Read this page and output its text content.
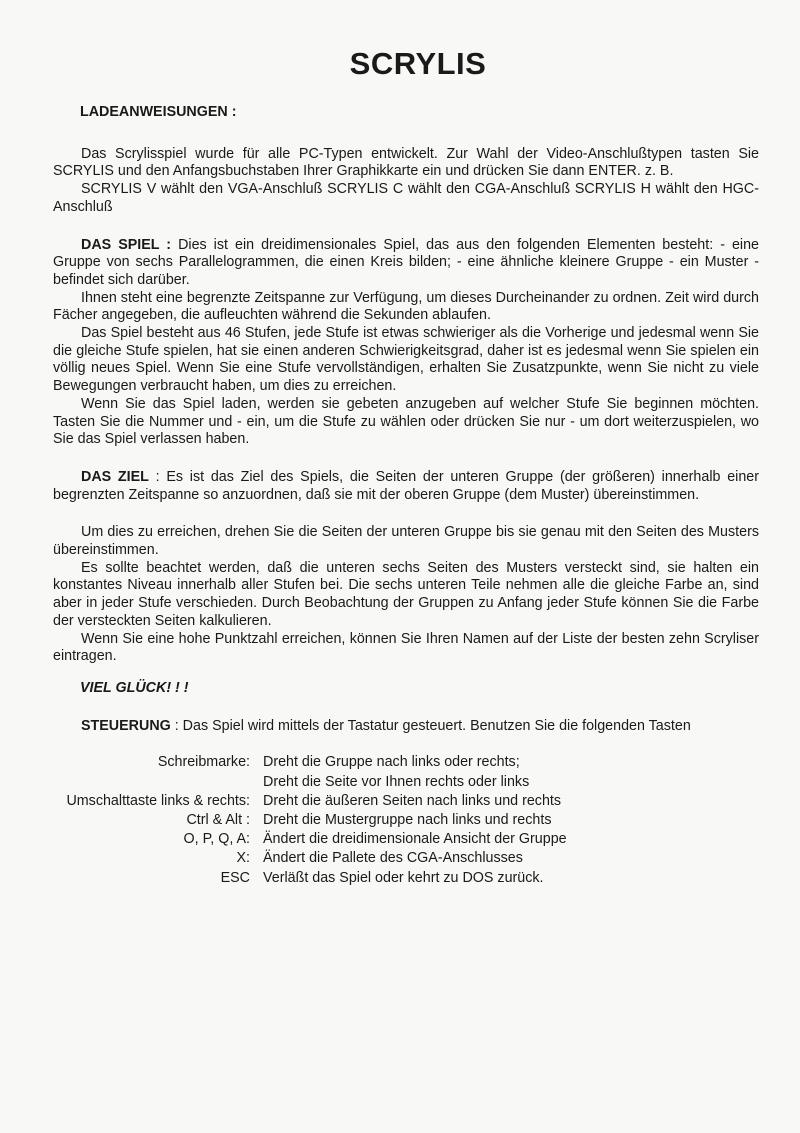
SCRYLIS

LADEANWEISUNGEN :

Das Scrylisspiel wurde für alle PC-Typen entwickelt. Zur Wahl der Video-Anschlußtypen tasten Sie SCRYLIS und den Anfangsbuchstaben Ihrer Graphikkarte ein und drücken Sie dann ENTER. z. B.

SCRYLIS V wählt den VGA-Anschluß SCRYLIS C wählt den CGA-Anschluß SCRYLIS H wählt den HGC-Anschluß

DAS SPIEL : Dies ist ein dreidimensionales Spiel, das aus den folgenden Elementen besteht: - eine Gruppe von sechs Parallelogrammen, die einen Kreis bilden; - eine ähnliche kleinere Gruppe - ein Muster - befindet sich darüber.

Ihnen steht eine begrenzte Zeitspanne zur Verfügung, um dieses Durcheinander zu ordnen. Zeit wird durch Fächer angegeben, die aufleuchten während die Sekunden ablaufen.

Das Spiel besteht aus 46 Stufen, jede Stufe ist etwas schwieriger als die Vorherige und jedesmal wenn Sie die gleiche Stufe spielen, hat sie einen anderen Schwierigkeitsgrad, daher ist es jedesmal wenn Sie spielen ein völlig neues Spiel. Wenn Sie eine Stufe vervollständigen, erhalten Sie Zusatzpunkte, wenn Sie nicht zu viele Bewegungen verbraucht haben, um dies zu erreichen.

Wenn Sie das Spiel laden, werden sie gebeten anzugeben auf welcher Stufe Sie beginnen möchten. Tasten Sie die Nummer und - ein, um die Stufe zu wählen oder drücken Sie nur - um dort weiterzuspielen, wo Sie das Spiel verlassen haben.

DAS ZIEL : Es ist das Ziel des Spiels, die Seiten der unteren Gruppe (der größeren) innerhalb einer begrenzten Zeitspanne so anzuordnen, daß sie mit der oberen Gruppe (dem Muster) übereinstimmen.

Um dies zu erreichen, drehen Sie die Seiten der unteren Gruppe bis sie genau mit den Seiten des Musters übereinstimmen.

Es sollte beachtet werden, daß die unteren sechs Seiten des Musters versteckt sind, sie halten ein konstantes Niveau innerhalb aller Stufen bei. Die sechs unteren Teile nehmen alle die gleiche Farbe an, sind aber in jeder Stufe verschieden. Durch Beobachtung der Gruppen zu Anfang jeder Stufe können Sie die Farbe der versteckten Seiten kalkulieren.

Wenn Sie eine hohe Punktzahl erreichen, können Sie Ihren Namen auf der Liste der besten zehn Scryliser eintragen.

VIEL GLÜCK! ! !

STEUERUNG : Das Spiel wird mittels der Tastatur gesteuert. Benutzen Sie die folgenden Tasten

Schreibmarke: Dreht die Gruppe nach links oder rechts;
Dreht die Seite vor Ihnen rechts oder links
Umschalttaste links & rechts: Dreht die äußeren Seiten nach links und rechts
Ctrl & Alt : Dreht die Mustergruppe nach links und rechts
O, P, Q, A: Ändert die dreidimensionale Ansicht der Gruppe
X: Ändert die Pallete des CGA-Anschlusses
ESC Verläßt das Spiel oder kehrt zu DOS zurück.
